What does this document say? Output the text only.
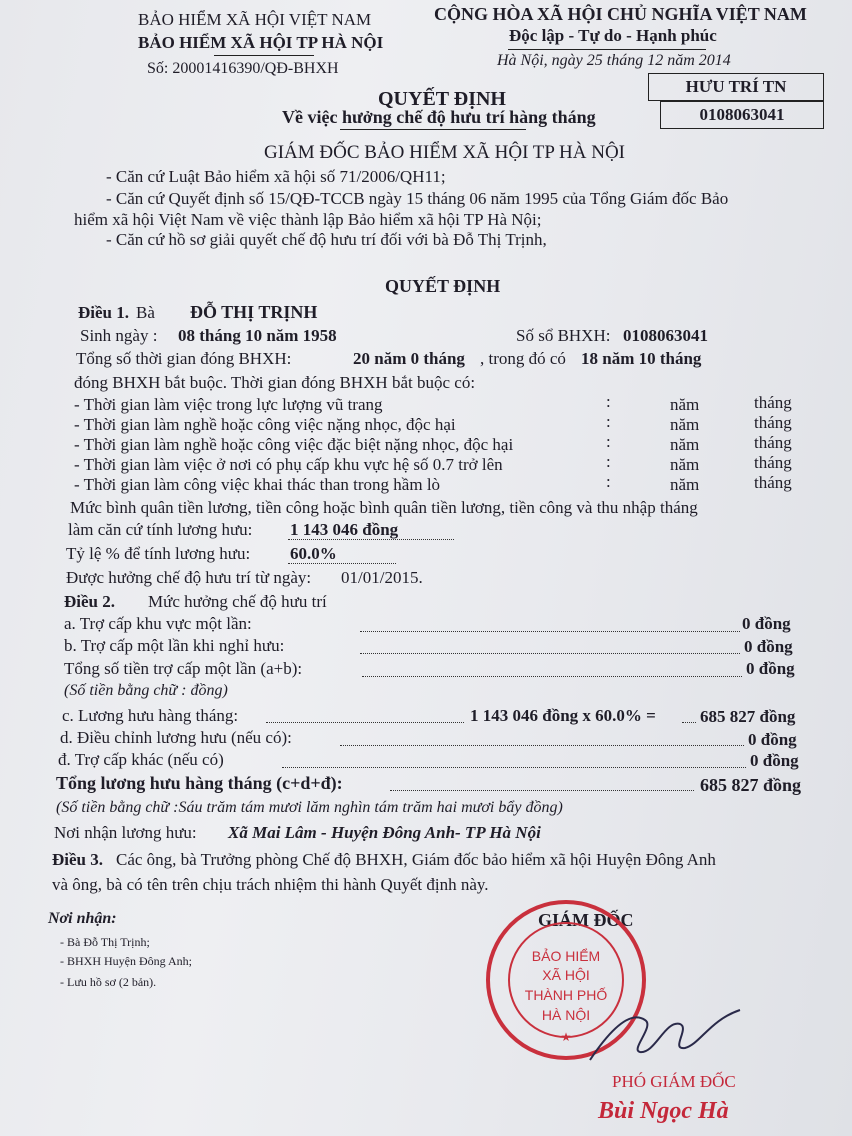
BẢO HIỂM XÃ HỘI VIỆT NAM
BẢO HIỂM XÃ HỘI TP HÀ NỘI
Số: 20001416390/QĐ-BHXH
CỘNG HÒA XÃ HỘI CHỦ NGHĨA VIỆT NAM
Độc lập - Tự do - Hạnh phúc
Hà Nội, ngày 25 tháng 12 năm 2014
HƯU TRÍ TN
0108063041
QUYẾT ĐỊNH
Về việc hưởng chế độ hưu trí hàng tháng
GIÁM ĐỐC BẢO HIỂM XÃ HỘI TP HÀ NỘI
- Căn cứ Luật Bảo hiểm xã hội số 71/2006/QH11;
- Căn cứ Quyết định số 15/QĐ-TCCB ngày 15 tháng 06 năm 1995 của Tổng Giám đốc Bảo
hiểm xã hội Việt Nam về việc thành lập Bảo hiểm xã hội TP Hà Nội;
- Căn cứ hồ sơ giải quyết chế độ hưu trí đối với bà Đỗ Thị Trịnh,
QUYẾT ĐỊNH
Điều 1. Bà ĐỖ THỊ TRỊNH
Sinh ngày : 08 tháng 10 năm 1958	Số sổ BHXH: 0108063041
Tổng số thời gian đóng BHXH:	20 năm 0 tháng , trong đó có 18 năm 10 tháng
đóng BHXH bắt buộc. Thời gian đóng BHXH bắt buộc có:
- Thời gian làm việc trong lực lượng vũ trang	:	năm	tháng
- Thời gian làm nghề hoặc công việc nặng nhọc, độc hại	:	năm	tháng
- Thời gian làm nghề hoặc công việc đặc biệt nặng nhọc, độc hại	:	năm	tháng
- Thời gian làm việc ở nơi có phụ cấp khu vực hệ số 0.7 trở lên	:	năm	tháng
- Thời gian làm công việc khai thác than trong hầm lò	:	năm	tháng
Mức bình quân tiền lương, tiền công hoặc bình quân tiền lương, tiền công và thu nhập tháng
làm căn cứ tính lương hưu: 1 143 046 đồng
Tỷ lệ % để tính lương hưu: 60.0%
Được hưởng chế độ hưu trí từ ngày: 01/01/2015.
Điều 2. Mức hưởng chế độ hưu trí
a. Trợ cấp khu vực một lần:	0 đồng
b. Trợ cấp một lần khi nghỉ hưu:	0 đồng
Tổng số tiền trợ cấp một lần (a+b):	0 đồng
(Số tiền bằng chữ : đồng)
c. Lương hưu hàng tháng:	1 143 046 đồng x 60.0% =	685 827 đồng
d. Điều chỉnh lương hưu (nếu có):	0 đồng
đ. Trợ cấp khác (nếu có)	0 đồng
Tổng lương hưu hàng tháng (c+d+đ):	685 827 đồng
(Số tiền bằng chữ :Sáu trăm tám mươi lăm nghìn tám trăm hai mươi bẩy đồng)
Nơi nhận lương hưu: Xã Mai Lâm - Huyện Đông Anh- TP Hà Nội
Điều 3. Các ông, bà Trưởng phòng Chế độ BHXH, Giám đốc bảo hiểm xã hội Huyện Đông Anh
và ông, bà có tên trên chịu trách nhiệm thi hành Quyết định này.
Nơi nhận:
- Bà Đỗ Thị Trịnh;
- BHXH Huyện Đông Anh;
- Lưu hồ sơ (2 bản).
GIÁM ĐỐC
BẢO HIỂM
XÃ HỘI
THÀNH PHỐ
HÀ NỘI
★
PHÓ GIÁM ĐỐC
Bùi Ngọc Hà
